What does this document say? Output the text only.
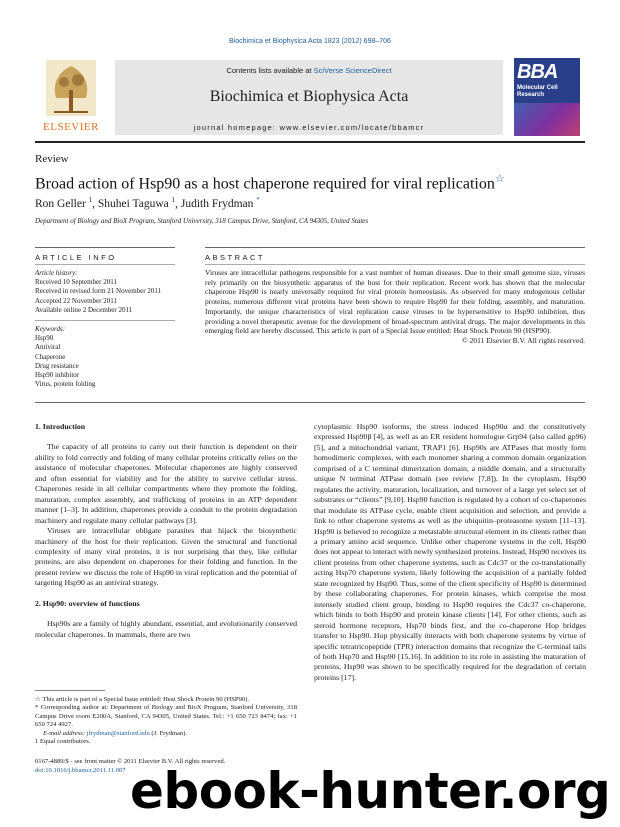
Biochimica et Biophysica Acta 1823 (2012) 698–706
Contents lists available at SciVerse ScienceDirect
Biochimica et Biophysica Acta
journal homepage: www.elsevier.com/locate/bbamcr
ELSEVIER
BBA
Molecular Cell Research
Review
Broad action of Hsp90 as a host chaperone required for viral replication☆
Ron Geller $^1$, Shuhei Taguwa $^1$, Judith Frydman *
Department of Biology and BioX Program, Stanford University, 318 Campus Drive, Stanford, CA 94305, United States
ARTICLE INFO
Article history:
Received 10 September 2011
Received in revised form 21 November 2011
Accepted 22 November 2011
Available online 2 December 2011
Keywords:
Hsp90
Antiviral
Chaperone
Drug resistance
Hsp90 inhibitor
Virus, protein folding
ABSTRACT
Viruses are intracellular pathogens responsible for a vast number of human diseases. Due to their small genome size, viruses rely primarily on the biosynthetic apparatus of the host for their replication. Recent work has shown that the molecular chaperone Hsp90 is nearly universally required for viral protein homeostasis. As observed for many endogenous cellular proteins, numerous different viral proteins have been shown to require Hsp90 for their folding, assembly, and maturation. Importantly, the unique characteristics of viral replication cause viruses to be hypersensitive to Hsp90 inhibition, thus providing a novel therapeutic avenue for the development of broad-spectrum antiviral drugs. The major developments in this emerging field are hereby discussed. This article is part of a Special Issue entitled: Heat Shock Protein 90 (HSP90).
© 2011 Elsevier B.V. All rights reserved.
1. Introduction

The capacity of all proteins to carry out their function is dependent on their ability to fold correctly and folding of many cellular proteins critically relies on the assistance of molecular chaperones. Molecular chaperones are highly conserved and often essential for viability and for the ability to survive cellular stress. Chaperones reside in all cellular compartments where they promote the folding, maturation, complex assembly, and trafficking of proteins in an ATP dependent manner [1–3]. In addition, chaperones provide a conduit to the protein degradation machinery and regulate many cellular pathways [3].

Viruses are intracellular obligate parasites that hijack the biosynthetic machinery of the host for their replication. Given the structural and functional complexity of many viral proteins, it is not surprising that they, like cellular proteins, are also dependent on chaperones for their folding and function. In the present review we discuss the role of Hsp90 in viral replication and the potential of targeting Hsp90 as an antiviral strategy.

2. Hsp90: overview of functions

Hsp90s are a family of highly abundant, essential, and evolutionarily conserved molecular chaperones. In mammals, there are two

☆ This article is part of a Special Issue entitled: Heat Shock Protein 90 (HSP90).
* Corresponding author at: Department of Biology and BioX Program, Stanford University, 318 Campus Drive room E200A, Stanford, CA 94305, United States. Tel.: +1 650 723 8474; fax: +1 650 724 4927.
E-mail address: jfrydman@stanford.edu (J. Frydman).
1 Equal contributors.

cytoplasmic Hsp90 isoforms, the stress induced Hsp90α and the constitutively expressed Hsp90β [4], as well as an ER resident homologue Grp94 (also called gp96) [5], and a mitochondrial variant, TRAP1 [6]. Hsp90s are ATPases that mostly form homodimeric complexes, with each monomer sharing a common domain organization comprised of a C terminal dimerization domain, a middle domain, and a structurally unique N terminal ATPase domain (see review [7,8]). In the cytoplasm, Hsp90 regulates the activity, maturation, localization, and turnover of a large yet select set of substrates or “clients” [9,10]. Hsp90 function is regulated by a cohort of co-chaperones that modulate its ATPase cycle, enable client acquisition and selection, and provide a link to other chaperone systems as well as the ubiquitin–proteasome system [11–13]. Hsp90 is believed to recognize a metastable structural element in its clients rather than a primary amino acid sequence. Unlike other chaperone systems in the cell, Hsp90 does not appear to interact with newly synthesized proteins. Instead, Hsp90 receives its client proteins from other chaperone systems, such as Cdc37 or the co-translationally acting Hsp70 chaperone system, likely following the acquisition of a partially folded state recognized by Hsp90. Thus, some of the client specificity of Hsp90 is determined by these collaborating chaperones. For protein kinases, which comprise the most intensely studied client group, binding to Hsp90 requires the Cdc37 co-chaperone, which binds to both Hsp90 and protein kinase clients [14]. For other clients, such as steroid hormone receptors, Hsp70 binds first, and the co-chaperone Hop bridges transfer to Hsp90. Hop physically interacts with both chaperone systems by virtue of specific tetratricopeptide (TPR) interaction domains that recognize the C-terminal tails of both Hsp70 and Hsp90 [15,16]. In addition to its role in assisting the maturation of proteins, Hsp90 was shown to be specifically required for the degradation of certain proteins [17].

0167-4889/$ - see front matter © 2011 Elsevier B.V. All rights reserved.
doi:10.1016/j.bbamcr.2011.11.007 ebook-hunter.org
